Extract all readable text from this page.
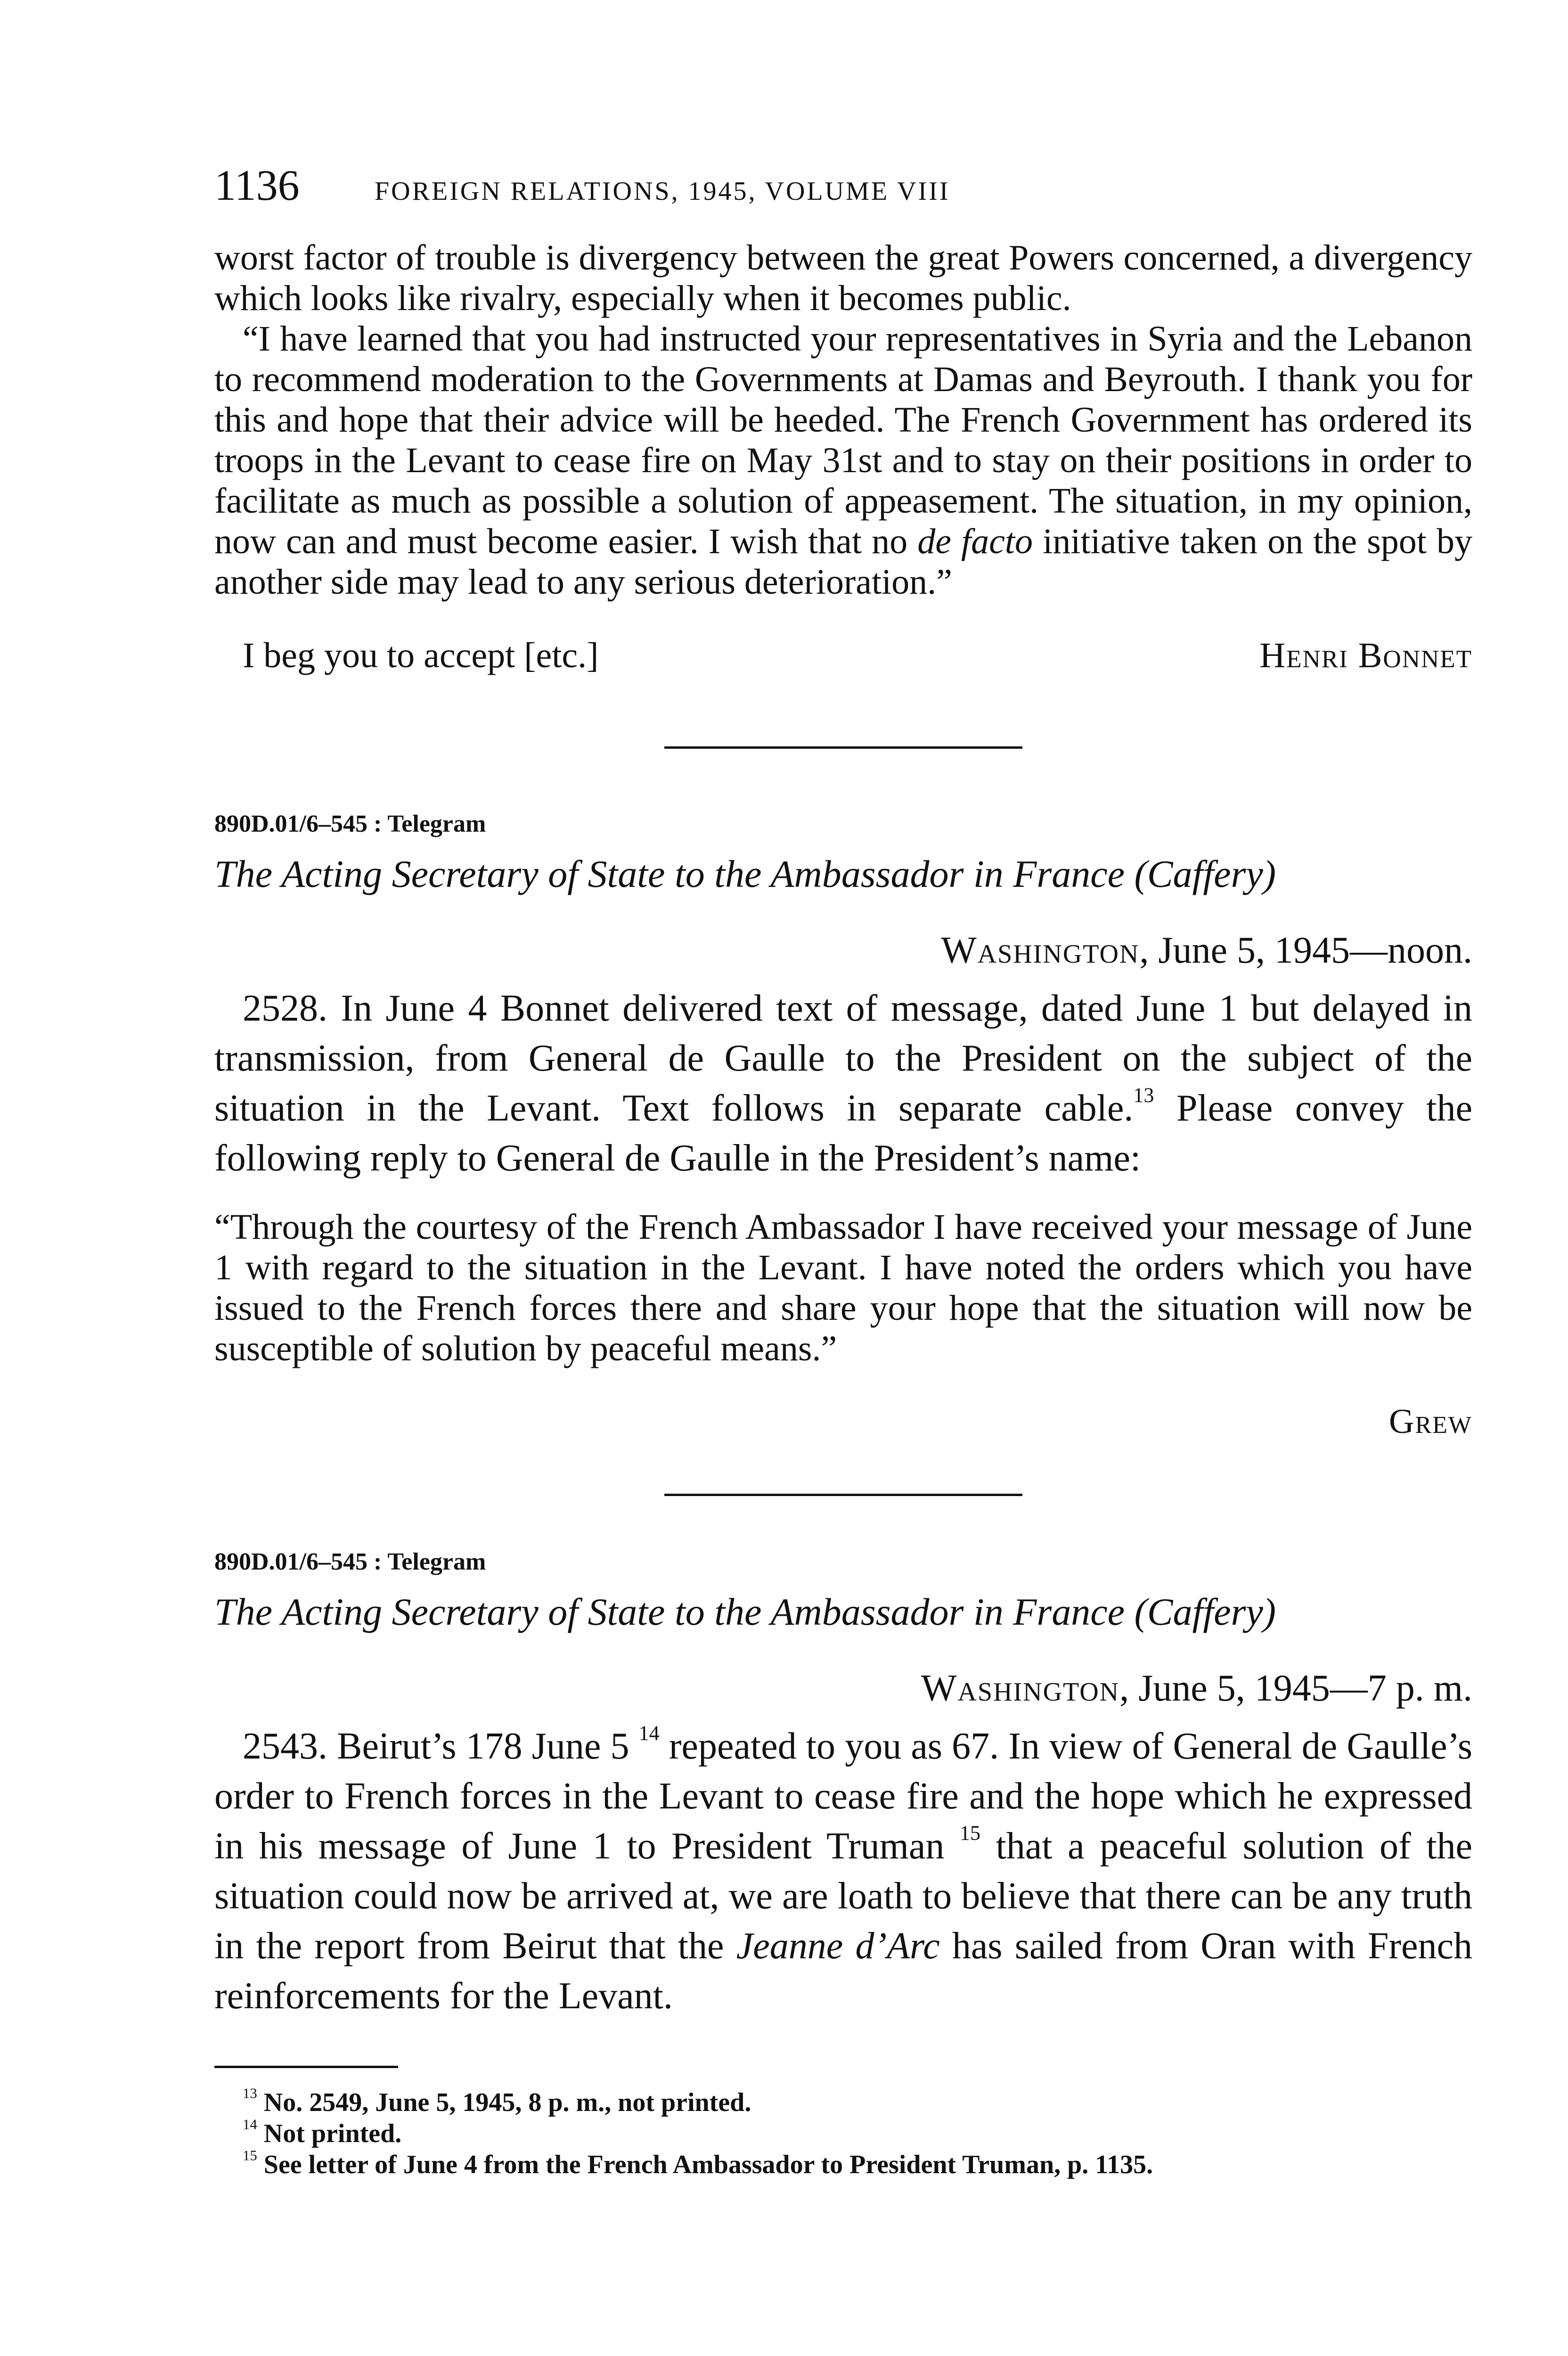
1136	FOREIGN RELATIONS, 1945, VOLUME VIII

worst factor of trouble is divergency between the great Powers concerned, a divergency which looks like rivalry, especially when it becomes public.

“I have learned that you had instructed your representatives in Syria and the Lebanon to recommend moderation to the Governments at Damas and Beyrouth. I thank you for this and hope that their advice will be heeded. The French Government has ordered its troops in the Levant to cease fire on May 31st and to stay on their positions in order to facilitate as much as possible a solution of appeasement. The situation, in my opinion, now can and must become easier. I wish that no de facto initiative taken on the spot by another side may lead to any serious deterioration.”

I beg you to accept [etc.]	Henri Bonnet
890D.01/6–545 : Telegram
The Acting Secretary of State to the Ambassador in France (Caffery)
Washington, June 5, 1945—noon.

2528. In June 4 Bonnet delivered text of message, dated June 1 but delayed in transmission, from General de Gaulle to the President on the subject of the situation in the Levant. Text follows in separate cable.$^{13}$ Please convey the following reply to General de Gaulle in the President’s name:

“Through the courtesy of the French Ambassador I have received your message of June 1 with regard to the situation in the Levant. I have noted the orders which you have issued to the French forces there and share your hope that the situation will now be susceptible of solution by peaceful means.”

Grew
890D.01/6–545 : Telegram
The Acting Secretary of State to the Ambassador in France (Caffery)
Washington, June 5, 1945—7 p. m.

2543. Beirut’s 178 June 5 $^{14}$ repeated to you as 67. In view of General de Gaulle’s order to French forces in the Levant to cease fire and the hope which he expressed in his message of June 1 to President Truman $^{15}$ that a peaceful solution of the situation could now be arrived at, we are loath to believe that there can be any truth in the report from Beirut that the Jeanne d’Arc has sailed from Oran with French reinforcements for the Levant.

$^{13}$ No. 2549, June 5, 1945, 8 p. m., not printed.
$^{14}$ Not printed.
$^{15}$ See letter of June 4 from the French Ambassador to President Truman, p. 1135.
